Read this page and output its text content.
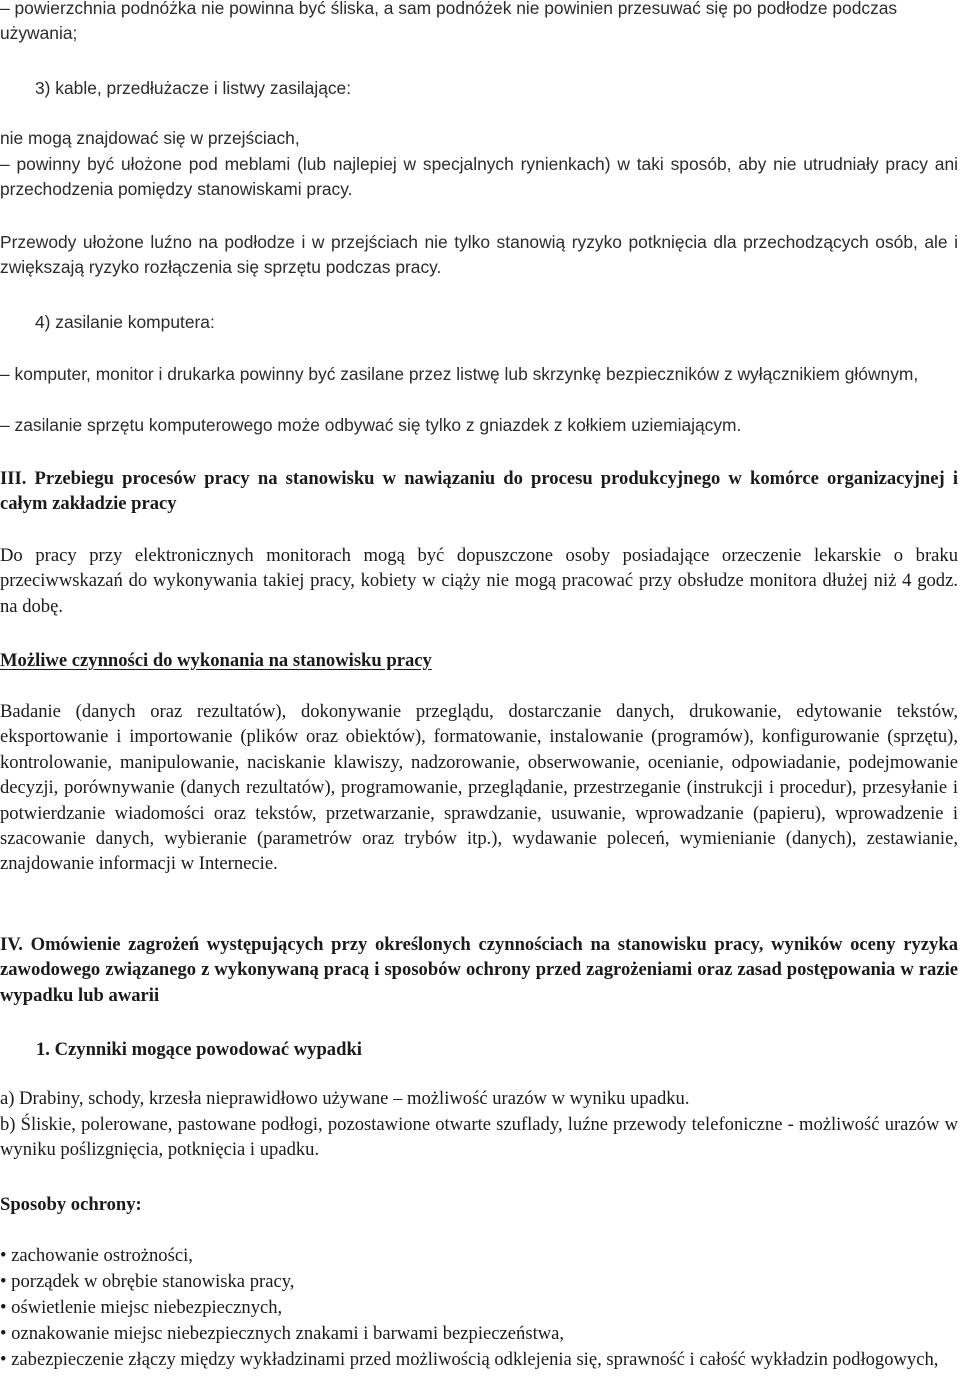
– powierzchnia podnóżka nie powinna być śliska, a sam podnóżek nie powinien przesuwać się po podłodze podczas używania;

3) kable, przedłużacze i listwy zasilające:

nie mogą znajdować się w przejściach,

– powinny być ułożone pod meblami (lub najlepiej w specjalnych rynienkach) w taki sposób, aby nie utrudniały pracy ani przechodzenia pomiędzy stanowiskami pracy.

Przewody ułożone luźno na podłodze i w przejściach nie tylko stanowią ryzyko potknięcia dla przechodzących osób, ale i zwiększają ryzyko rozłączenia się sprzętu podczas pracy.

4) zasilanie komputera:

– komputer, monitor i drukarka powinny być zasilane przez listwę lub skrzynkę bezpieczników z wyłącznikiem głównym,

– zasilanie sprzętu komputerowego może odbywać się tylko z gniazdek z kołkiem uziemiającym.

III. Przebiegu procesów pracy na stanowisku w nawiązaniu do procesu produkcyjnego w komórce organizacyjnej i całym zakładzie pracy

Do pracy przy elektronicznych monitorach mogą być dopuszczone osoby posiadające orzeczenie lekarskie o braku przeciwwskazań do wykonywania takiej pracy, kobiety w ciąży nie mogą pracować przy obsłudze monitora dłużej niż 4 godz. na dobę.

Możliwe czynności do wykonania na stanowisku pracy

Badanie (danych oraz rezultatów), dokonywanie przeglądu, dostarczanie danych, drukowanie, edytowanie tekstów, eksportowanie i importowanie (plików oraz obiektów), formatowanie, instalowanie (programów), konfigurowanie (sprzętu), kontrolowanie, manipulowanie, naciskanie klawiszy, nadzorowanie, obserwowanie, ocenianie, odpowiadanie, podejmowanie decyzji, porównywanie (danych rezultatów), programowanie, przeglądanie, przestrzeganie (instrukcji i procedur), przesyłanie i potwierdzanie wiadomości oraz tekstów, przetwarzanie, sprawdzanie, usuwanie, wprowadzanie (papieru), wprowadzenie i szacowanie danych, wybieranie (parametrów oraz trybów itp.), wydawanie poleceń, wymienianie (danych), zestawianie, znajdowanie informacji w Internecie.

IV. Omówienie zagrożeń występujących przy określonych czynnościach na stanowisku pracy, wyników oceny ryzyka zawodowego związanego z wykonywaną pracą i sposobów ochrony przed zagrożeniami oraz zasad postępowania w razie wypadku lub awarii

1. Czynniki mogące powodować wypadki

a) Drabiny, schody, krzesła nieprawidłowo używane – możliwość urazów w wyniku upadku.

b) Śliskie, polerowane, pastowane podłogi, pozostawione otwarte szuflady, luźne przewody telefoniczne - możliwość urazów w wyniku poślizgnięcia, potknięcia i upadku.

Sposoby ochrony:

• zachowanie ostrożności,

• porządek w obrębie stanowiska pracy,

• oświetlenie miejsc niebezpiecznych,

• oznakowanie miejsc niebezpiecznych znakami i barwami bezpieczeństwa,

• zabezpieczenie złączy między wykładzinami przed możliwością odklejenia się, sprawność i całość wykładzin podłogowych,
